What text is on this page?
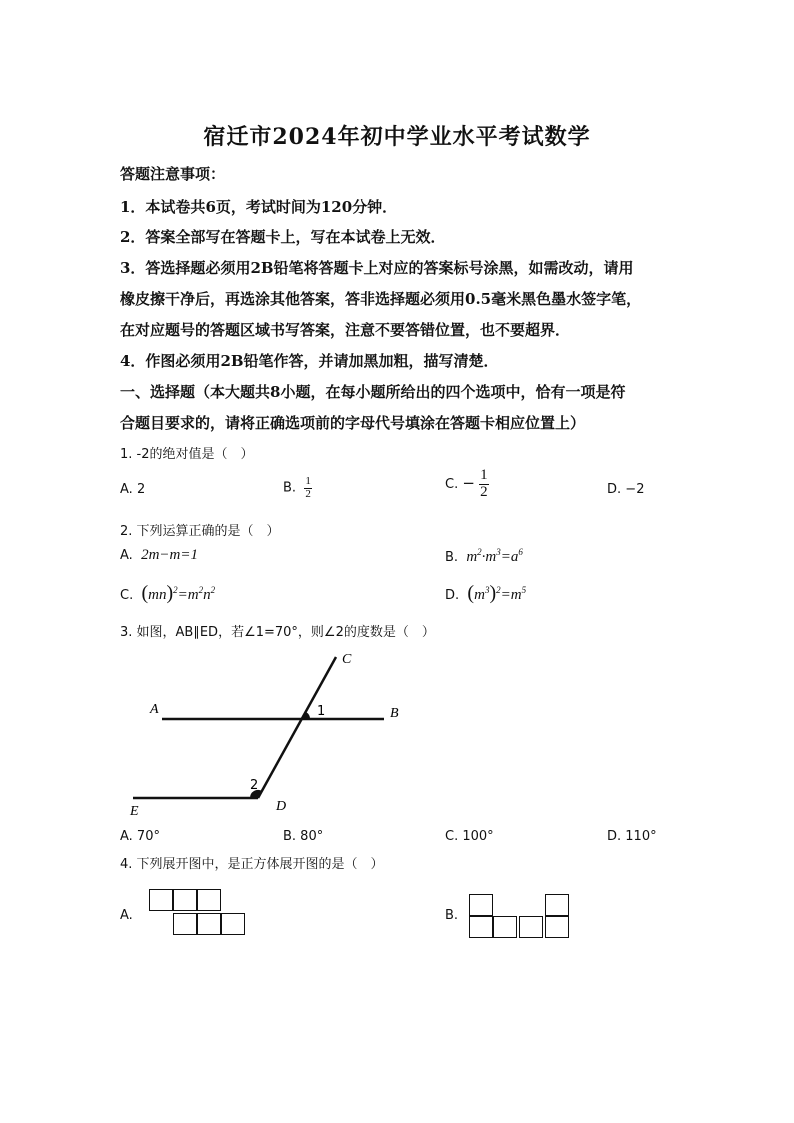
宿迁市2024年初中学业水平考试数学
答题注意事项：
1．本试卷共6页，考试时间为120分钟．
2．答案全部写在答题卡上，写在本试卷上无效．
3．答选择题必须用2B铅笔将答题卡上对应的答案标号涂黑，如需改动，请用
橡皮擦干净后，再选涂其他答案，答非选择题必须用0.5毫米黑色墨水签字笔，
在对应题号的答题区域书写答案，注意不要答错位置，也不要超界．
4．作图必须用2B铅笔作答，并请加黑加粗，描写清楚．
一、选择题（本大题共8小题，在每小题所给出的四个选项中，恰有一项是符
合题目要求的，请将正确选项前的字母代号填涂在答题卡相应位置上）
1. -2的绝对值是（　）
A. 2	B. $\frac{1}{2}$	C. − $\frac{1}{2}$	D. −2
2. 下列运算正确的是（　）
A. 2m−m=1	B. $m^2\cdot m^3=a^6$
C. $(mn)^2=m^2n^2$	D. $(m^3)^2=m^5$
3. 如图，AB∥ED，若∠1=70°，则∠2的度数是（　）
A	B
C
D
E
1
2
A. 70°	B. 80°	C. 100°	D. 110°
4. 下列展开图中，是正方体展开图的是（　）
A.	B.
